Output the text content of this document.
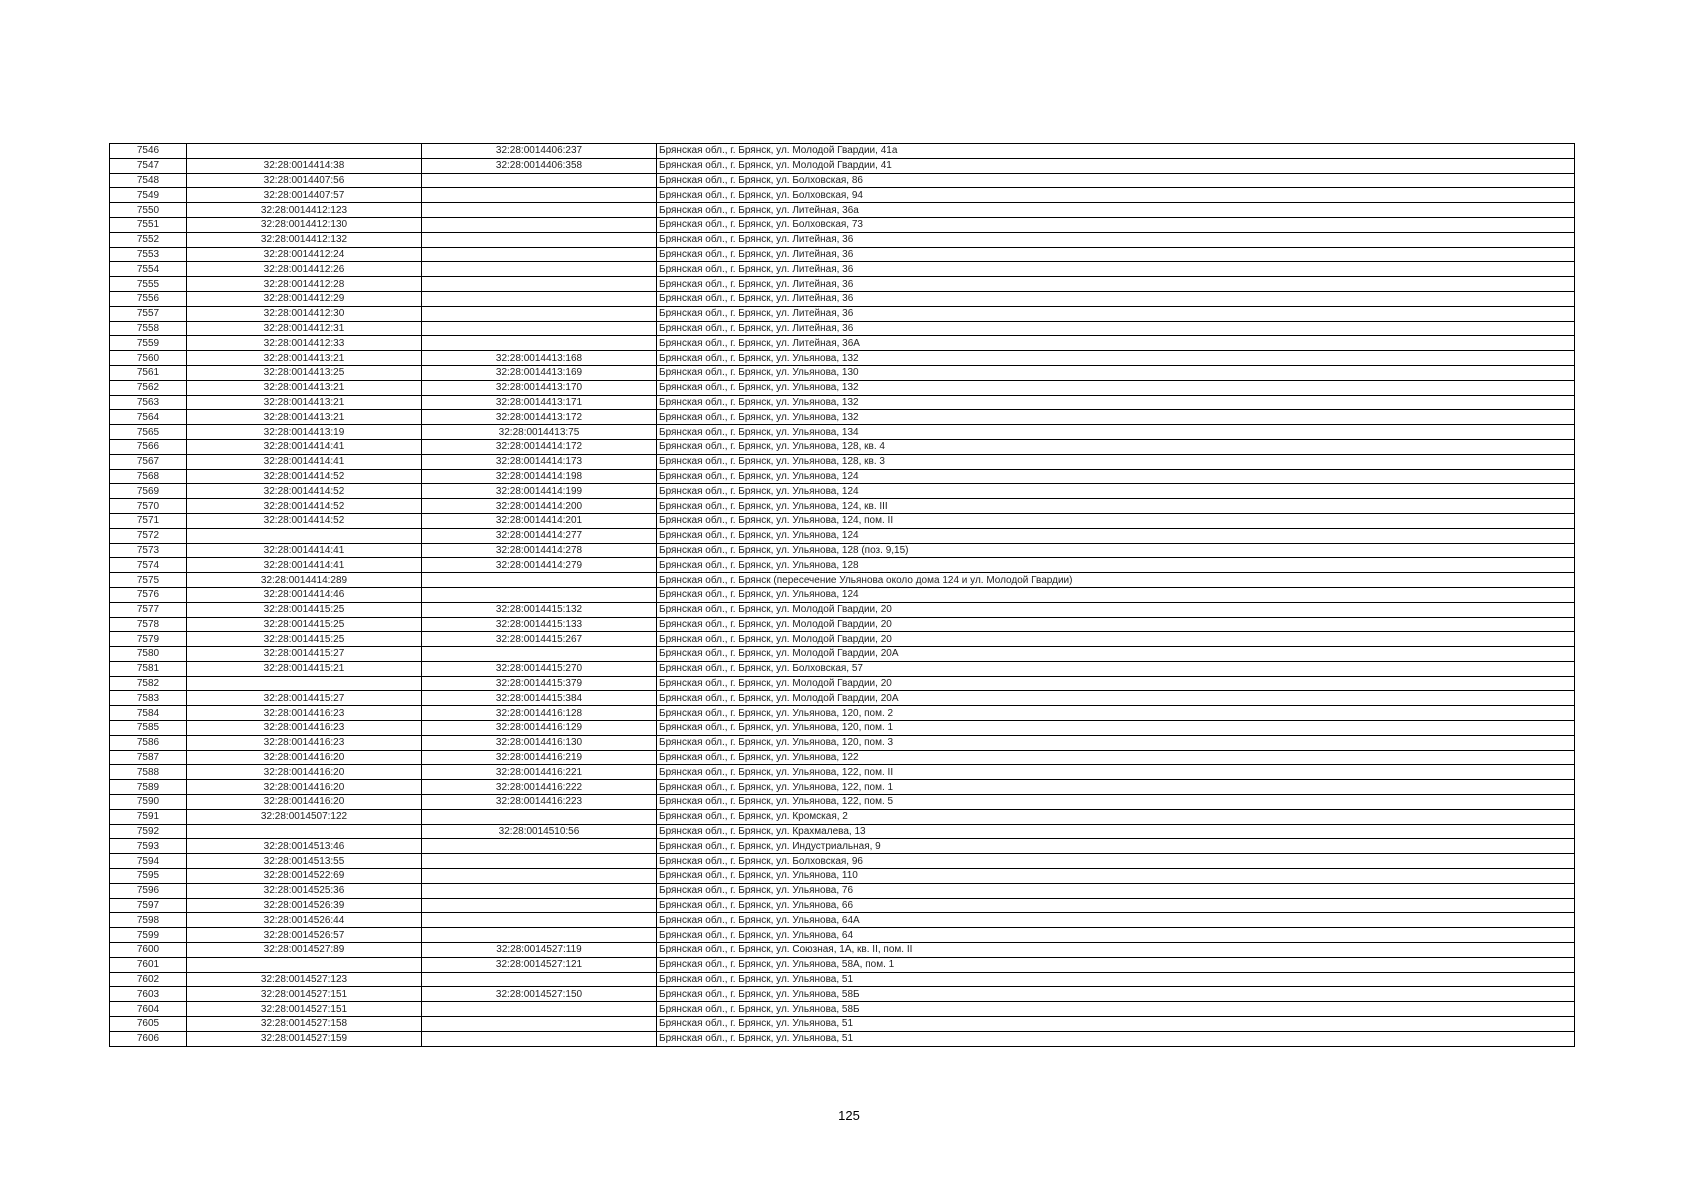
7546		32:28:0014406:237	Брянская обл., г. Брянск, ул. Молодой Гвардии, 41а
7547	32:28:0014414:38	32:28:0014406:358	Брянская обл., г. Брянск, ул. Молодой Гвардии, 41
7548	32:28:0014407:56		Брянская обл., г. Брянск, ул. Болховская, 86
7549	32:28:0014407:57		Брянская обл., г. Брянск, ул. Болховская, 94
7550	32:28:0014412:123		Брянская обл., г. Брянск, ул. Литейная, 36а
7551	32:28:0014412:130		Брянская обл., г. Брянск, ул. Болховская, 73
7552	32:28:0014412:132		Брянская обл., г. Брянск, ул. Литейная, 36
7553	32:28:0014412:24		Брянская обл., г. Брянск, ул. Литейная, 36
7554	32:28:0014412:26		Брянская обл., г. Брянск, ул. Литейная, 36
7555	32:28:0014412:28		Брянская обл., г. Брянск, ул. Литейная, 36
7556	32:28:0014412:29		Брянская обл., г. Брянск, ул. Литейная, 36
7557	32:28:0014412:30		Брянская обл., г. Брянск, ул. Литейная, 36
7558	32:28:0014412:31		Брянская обл., г. Брянск, ул. Литейная, 36
7559	32:28:0014412:33		Брянская обл., г. Брянск, ул. Литейная, 36А
7560	32:28:0014413:21	32:28:0014413:168	Брянская обл., г. Брянск, ул. Ульянова, 132
7561	32:28:0014413:25	32:28:0014413:169	Брянская обл., г. Брянск, ул. Ульянова, 130
7562	32:28:0014413:21	32:28:0014413:170	Брянская обл., г. Брянск, ул. Ульянова, 132
7563	32:28:0014413:21	32:28:0014413:171	Брянская обл., г. Брянск, ул. Ульянова, 132
7564	32:28:0014413:21	32:28:0014413:172	Брянская обл., г. Брянск, ул. Ульянова, 132
7565	32:28:0014413:19	32:28:0014413:75	Брянская обл., г. Брянск, ул. Ульянова, 134
7566	32:28:0014414:41	32:28:0014414:172	Брянская обл., г. Брянск, ул. Ульянова, 128, кв. 4
7567	32:28:0014414:41	32:28:0014414:173	Брянская обл., г. Брянск, ул. Ульянова, 128, кв. 3
7568	32:28:0014414:52	32:28:0014414:198	Брянская обл., г. Брянск, ул. Ульянова, 124
7569	32:28:0014414:52	32:28:0014414:199	Брянская обл., г. Брянск, ул. Ульянова, 124
7570	32:28:0014414:52	32:28:0014414:200	Брянская обл., г. Брянск, ул. Ульянова, 124, кв. III
7571	32:28:0014414:52	32:28:0014414:201	Брянская обл., г. Брянск, ул. Ульянова, 124, пом. II
7572		32:28:0014414:277	Брянская обл., г. Брянск, ул. Ульянова, 124
7573	32:28:0014414:41	32:28:0014414:278	Брянская обл., г. Брянск, ул. Ульянова, 128 (поз. 9,15)
7574	32:28:0014414:41	32:28:0014414:279	Брянская обл., г. Брянск, ул. Ульянова, 128
7575	32:28:0014414:289		Брянская обл., г. Брянск (пересечение Ульянова около дома 124 и ул. Молодой Гвардии)
7576	32:28:0014414:46		Брянская обл., г. Брянск, ул. Ульянова, 124
7577	32:28:0014415:25	32:28:0014415:132	Брянская обл., г. Брянск, ул. Молодой Гвардии, 20
7578	32:28:0014415:25	32:28:0014415:133	Брянская обл., г. Брянск, ул. Молодой Гвардии, 20
7579	32:28:0014415:25	32:28:0014415:267	Брянская обл., г. Брянск, ул. Молодой Гвардии, 20
7580	32:28:0014415:27		Брянская обл., г. Брянск, ул. Молодой Гвардии, 20А
7581	32:28:0014415:21	32:28:0014415:270	Брянская обл., г. Брянск, ул. Болховская, 57
7582		32:28:0014415:379	Брянская обл., г. Брянск, ул. Молодой Гвардии, 20
7583	32:28:0014415:27	32:28:0014415:384	Брянская обл., г. Брянск, ул. Молодой Гвардии, 20А
7584	32:28:0014416:23	32:28:0014416:128	Брянская обл., г. Брянск, ул. Ульянова, 120, пом. 2
7585	32:28:0014416:23	32:28:0014416:129	Брянская обл., г. Брянск, ул. Ульянова, 120, пом. 1
7586	32:28:0014416:23	32:28:0014416:130	Брянская обл., г. Брянск, ул. Ульянова, 120, пом. 3
7587	32:28:0014416:20	32:28:0014416:219	Брянская обл., г. Брянск, ул. Ульянова, 122
7588	32:28:0014416:20	32:28:0014416:221	Брянская обл., г. Брянск, ул. Ульянова, 122, пом. II
7589	32:28:0014416:20	32:28:0014416:222	Брянская обл., г. Брянск, ул. Ульянова, 122, пом. 1
7590	32:28:0014416:20	32:28:0014416:223	Брянская обл., г. Брянск, ул. Ульянова, 122, пом. 5
7591	32:28:0014507:122		Брянская обл., г. Брянск, ул. Кромская, 2
7592		32:28:0014510:56	Брянская обл., г. Брянск, ул. Крахмалева, 13
7593	32:28:0014513:46		Брянская обл., г. Брянск, ул. Индустриальная, 9
7594	32:28:0014513:55		Брянская обл., г. Брянск, ул. Болховская, 96
7595	32:28:0014522:69		Брянская обл., г. Брянск, ул. Ульянова, 110
7596	32:28:0014525:36		Брянская обл., г. Брянск, ул. Ульянова, 76
7597	32:28:0014526:39		Брянская обл., г. Брянск, ул. Ульянова, 66
7598	32:28:0014526:44		Брянская обл., г. Брянск, ул. Ульянова, 64А
7599	32:28:0014526:57		Брянская обл., г. Брянск, ул. Ульянова, 64
7600	32:28:0014527:89	32:28:0014527:119	Брянская обл., г. Брянск, ул. Союзная, 1А, кв. II, пом. II
7601		32:28:0014527:121	Брянская обл., г. Брянск, ул. Ульянова, 58А, пом. 1
7602	32:28:0014527:123		Брянская обл., г. Брянск, ул. Ульянова, 51
7603	32:28:0014527:151	32:28:0014527:150	Брянская обл., г. Брянск, ул. Ульянова, 58Б
7604	32:28:0014527:151		Брянская обл., г. Брянск, ул. Ульянова, 58Б
7605	32:28:0014527:158		Брянская обл., г. Брянск, ул. Ульянова, 51
7606	32:28:0014527:159		Брянская обл., г. Брянск, ул. Ульянова, 51
125
